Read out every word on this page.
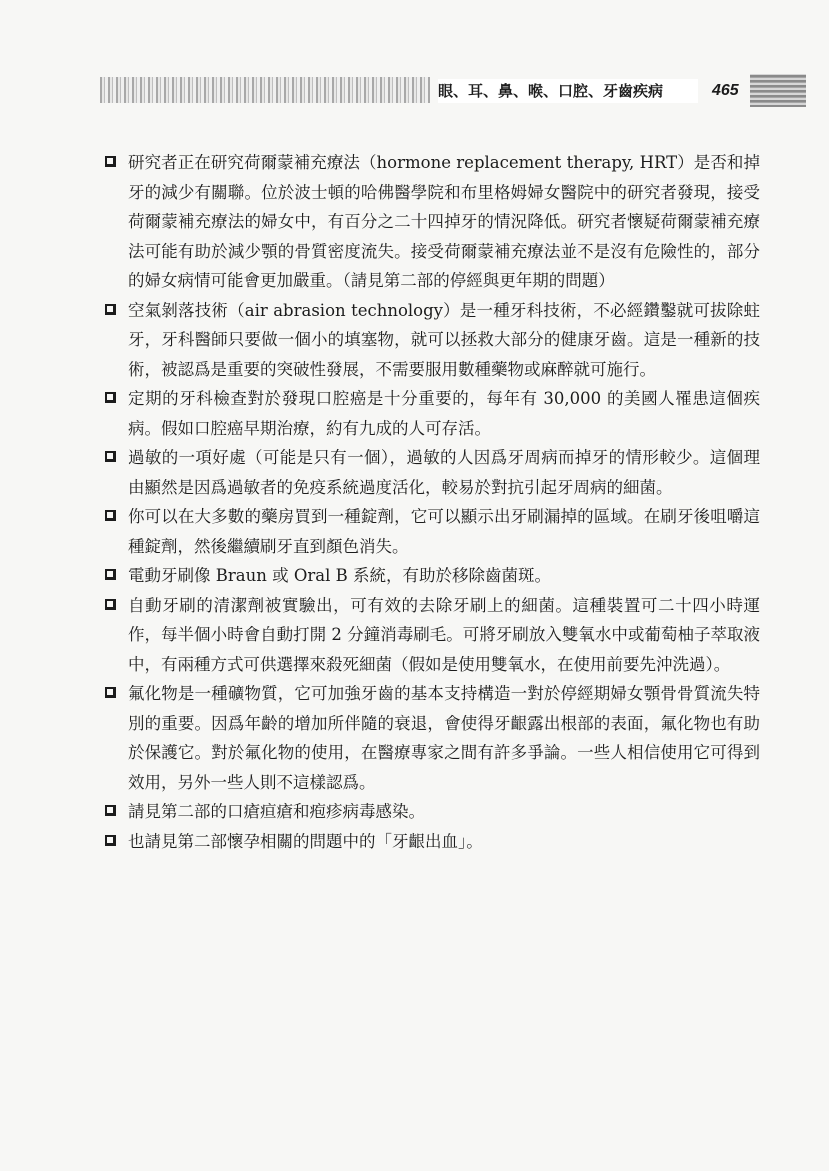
眼、耳、鼻、喉、口腔、牙齒疾病	465
研究者正在研究荷爾蒙補充療法（hormone replacement therapy, HRT）是否和掉牙的減少有關聯。位於波士頓的哈佛醫學院和布里格姆婦女醫院中的研究者發現，接受荷爾蒙補充療法的婦女中，有百分之二十四掉牙的情況降低。研究者懷疑荷爾蒙補充療法可能有助於減少顎的骨質密度流失。接受荷爾蒙補充療法並不是沒有危險性的，部分的婦女病情可能會更加嚴重。（請見第二部的停經與更年期的問題）
空氣剝落技術（air abrasion technology）是一種牙科技術，不必經鑽鑿就可拔除蛀牙，牙科醫師只要做一個小的填塞物，就可以拯救大部分的健康牙齒。這是一種新的技術，被認爲是重要的突破性發展，不需要服用數種藥物或麻醉就可施行。
定期的牙科檢查對於發現口腔癌是十分重要的，每年有 30,000 的美國人罹患這個疾病。假如口腔癌早期治療，約有九成的人可存活。
過敏的一項好處（可能是只有一個），過敏的人因爲牙周病而掉牙的情形較少。這個理由顯然是因爲過敏者的免疫系統過度活化，較易於對抗引起牙周病的細菌。
你可以在大多數的藥房買到一種錠劑，它可以顯示出牙刷漏掉的區域。在刷牙後咀嚼這種錠劑，然後繼續刷牙直到顏色消失。
電動牙刷像 Braun 或 Oral B 系統，有助於移除齒菌斑。
自動牙刷的清潔劑被實驗出，可有效的去除牙刷上的細菌。這種裝置可二十四小時運作，每半個小時會自動打開 2 分鐘消毒刷毛。可將牙刷放入雙氧水中或葡萄柚子萃取液中，有兩種方式可供選擇來殺死細菌（假如是使用雙氧水，在使用前要先沖洗過）。
氟化物是一種礦物質，它可加強牙齒的基本支持構造一對於停經期婦女顎骨骨質流失特別的重要。因爲年齡的增加所伴隨的衰退，會使得牙齦露出根部的表面，氟化物也有助於保護它。對於氟化物的使用，在醫療專家之間有許多爭論。一些人相信使用它可得到效用，另外一些人則不這樣認爲。
請見第二部的口瘡疸瘡和疱疹病毒感染。
也請見第二部懷孕相關的問題中的「牙齦出血」。
